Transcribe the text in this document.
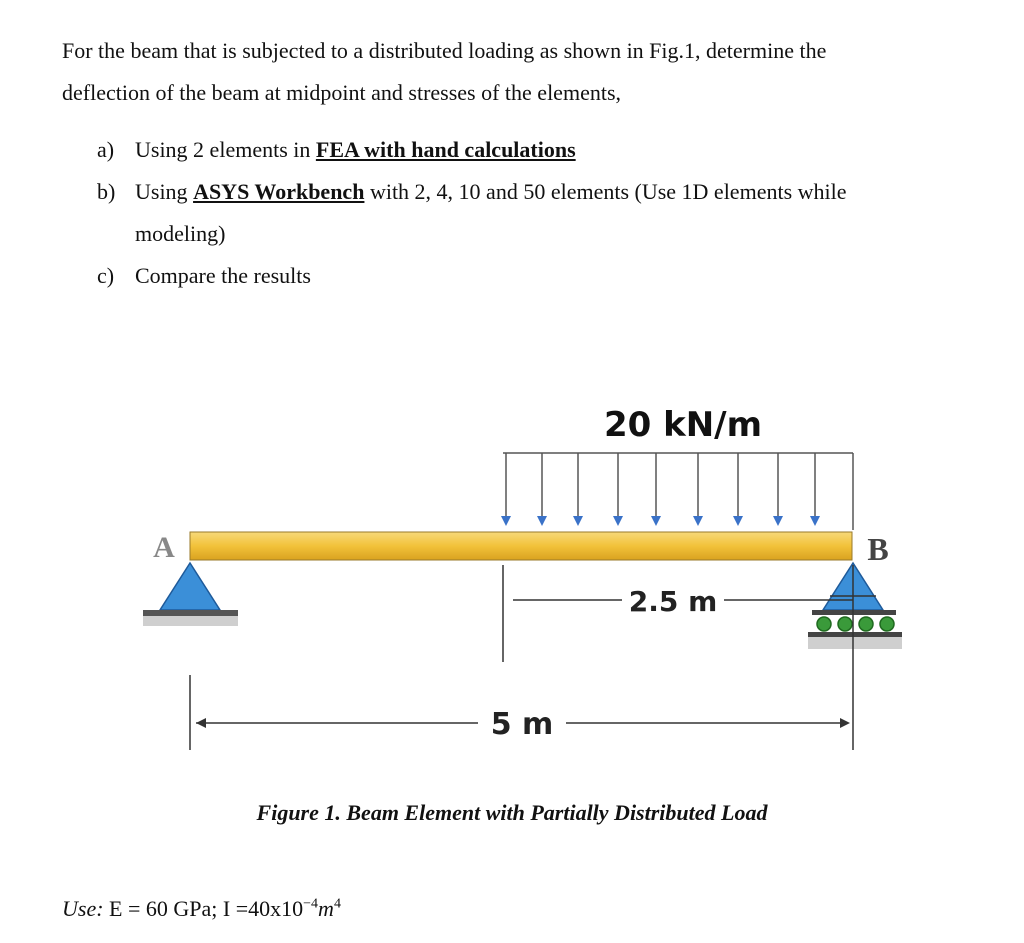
For the beam that is subjected to a distributed loading as shown in Fig.1, determine the
deflection of the beam at midpoint and stresses of the elements,
a) Using 2 elements in FEA with hand calculations
b) Using ASYS Workbench with 2, 4, 10 and 50 elements (Use 1D elements while
modeling)
c) Compare the results
20 kN/m
A	B
2.5 m
5 m
Figure 1. Beam Element with Partially Distributed Load
Use: E = 60 GPa; $I =40x10^{-4}m^4$
